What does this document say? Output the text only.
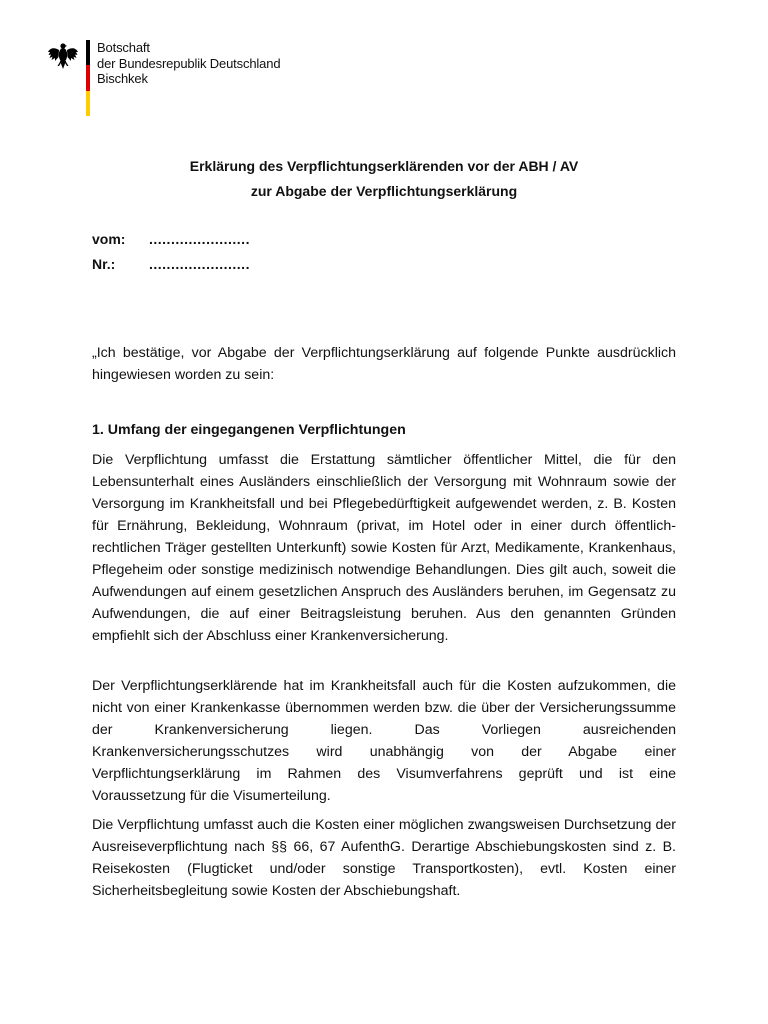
Botschaft
der Bundesrepublik Deutschland
Bischkek
Erklärung des Verpflichtungserklärenden vor der ABH / AV
zur Abgabe der Verpflichtungserklärung
vom: .......................
Nr.: .......................

„Ich bestätige, vor Abgabe der Verpflichtungserklärung auf folgende Punkte ausdrücklich hingewiesen worden zu sein:

1. Umfang der eingegangenen Verpflichtungen

Die Verpflichtung umfasst die Erstattung sämtlicher öffentlicher Mittel, die für den Lebensunterhalt eines Ausländers einschließlich der Versorgung mit Wohnraum sowie der Versorgung im Krankheitsfall und bei Pflegebedürftigkeit aufgewendet werden, z. B. Kosten für Ernährung, Bekleidung, Wohnraum (privat, im Hotel oder in einer durch öffentlich-rechtlichen Träger gestellten Unterkunft) sowie Kosten für Arzt, Medikamente, Krankenhaus, Pflegeheim oder sonstige medizinisch notwendige Behandlungen. Dies gilt auch, soweit die Aufwendungen auf einem gesetzlichen Anspruch des Ausländers beruhen, im Gegensatz zu Aufwendungen, die auf einer Beitragsleistung beruhen. Aus den genannten Gründen empfiehlt sich der Abschluss einer Krankenversicherung.

Der Verpflichtungserklärende hat im Krankheitsfall auch für die Kosten aufzukommen, die nicht von einer Krankenkasse übernommen werden bzw. die über der Versicherungssumme der Krankenversicherung liegen. Das Vorliegen ausreichenden Krankenversicherungsschutzes wird unabhängig von der Abgabe einer Verpflichtungserklärung im Rahmen des Visumverfahrens geprüft und ist eine Voraussetzung für die Visumerteilung.

Die Verpflichtung umfasst auch die Kosten einer möglichen zwangsweisen Durchsetzung der Ausreiseverpflichtung nach §§ 66, 67 AufenthG. Derartige Abschiebungskosten sind z. B. Reisekosten (Flugticket und/oder sonstige Transportkosten), evtl. Kosten einer Sicherheitsbegleitung sowie Kosten der Abschiebungshaft.
